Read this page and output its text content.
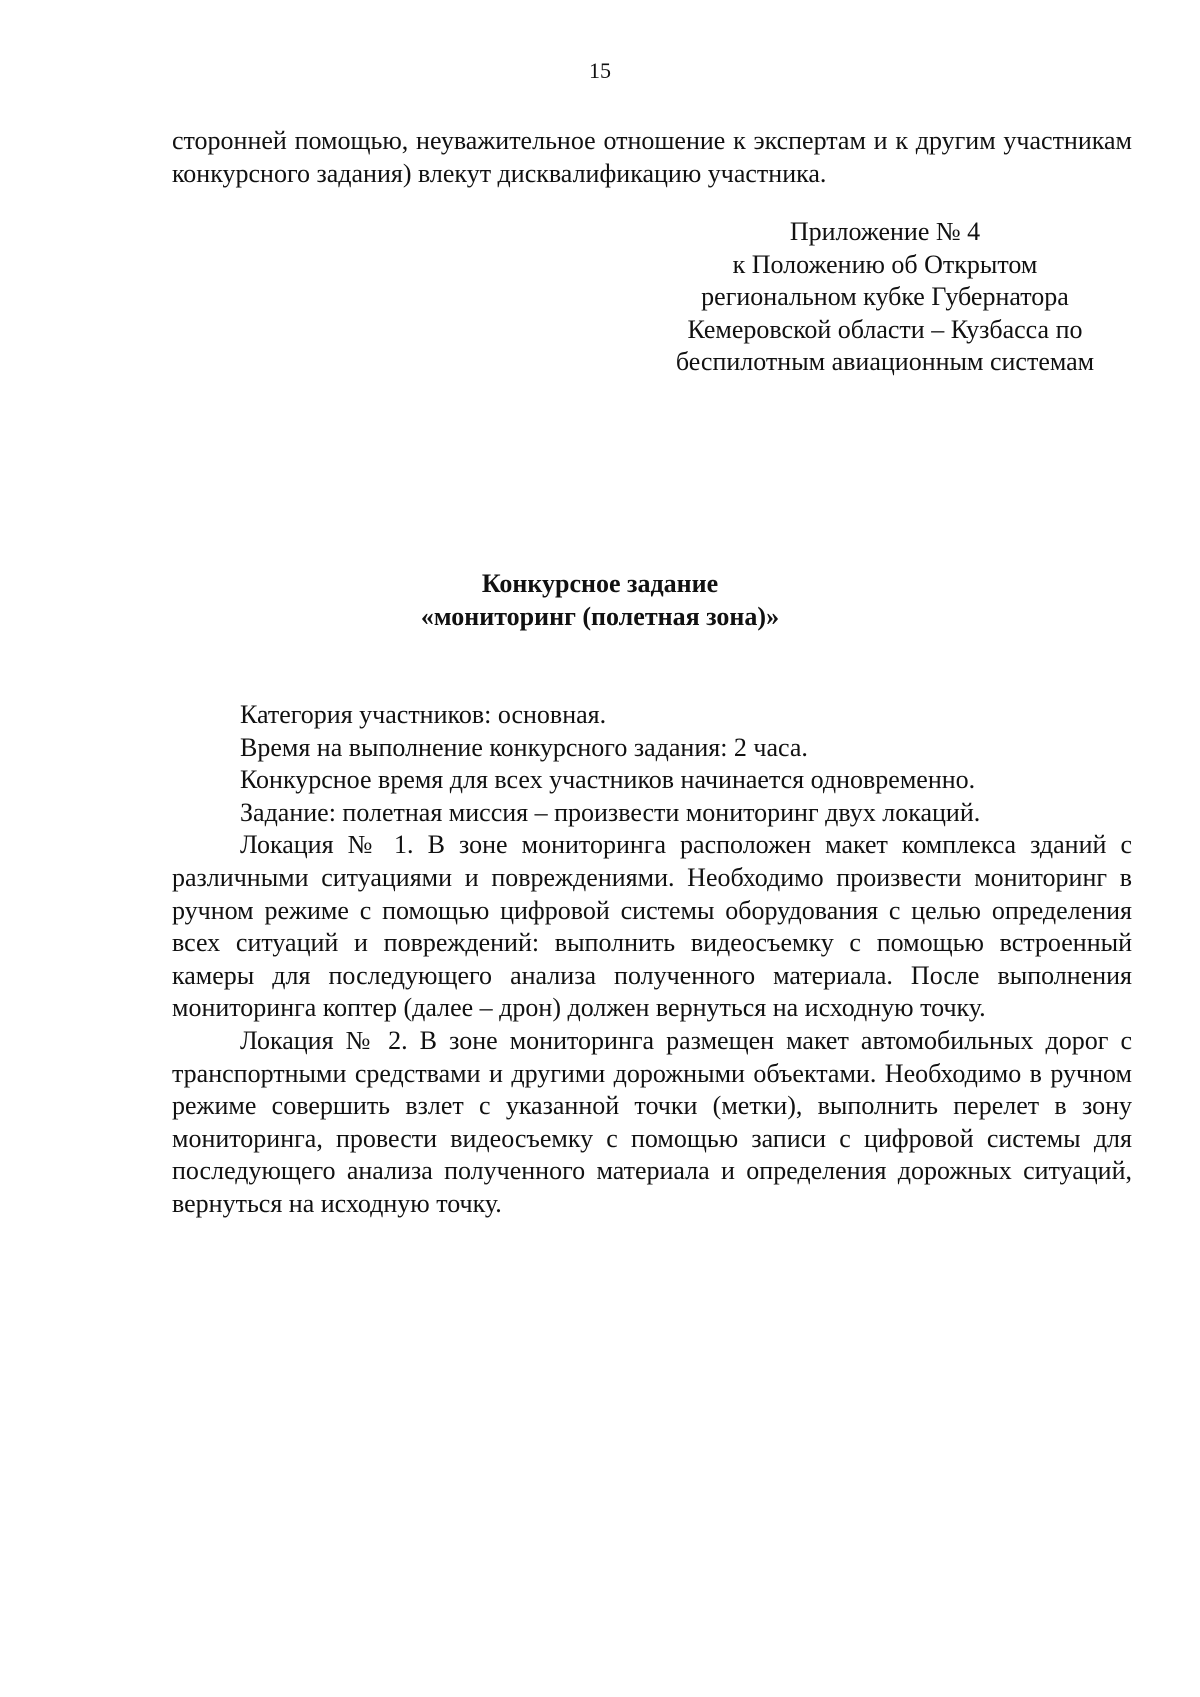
15

сторонней помощью, неуважительное отношение к экспертам и к другим участникам конкурсного задания) влекут дисквалификацию участника.

Приложение № 4
к Положению об Открытом
региональном кубке Губернатора
Кемеровской области – Кузбасса по
беспилотным авиационным системам
Конкурсное задание
«мониторинг (полетная зона)»

Категория участников: основная.

Время на выполнение конкурсного задания: 2 часа.

Конкурсное время для всех участников начинается одновременно.

Задание: полетная миссия – произвести мониторинг двух локаций.

Локация № 1. В зоне мониторинга расположен макет комплекса зданий с различными ситуациями и повреждениями. Необходимо произвести мониторинг в ручном режиме с помощью цифровой системы оборудования с целью определения всех ситуаций и повреждений: выполнить видеосъемку с помощью встроенный камеры для последующего анализа полученного материала. После выполнения мониторинга коптер (далее – дрон) должен вернуться на исходную точку.

Локация № 2. В зоне мониторинга размещен макет автомобильных дорог с транспортными средствами и другими дорожными объектами. Необходимо в ручном режиме совершить взлет с указанной точки (метки), выполнить перелет в зону мониторинга, провести видеосъемку с помощью записи с цифровой системы для последующего анализа полученного материала и определения дорожных ситуаций, вернуться на исходную точку.
